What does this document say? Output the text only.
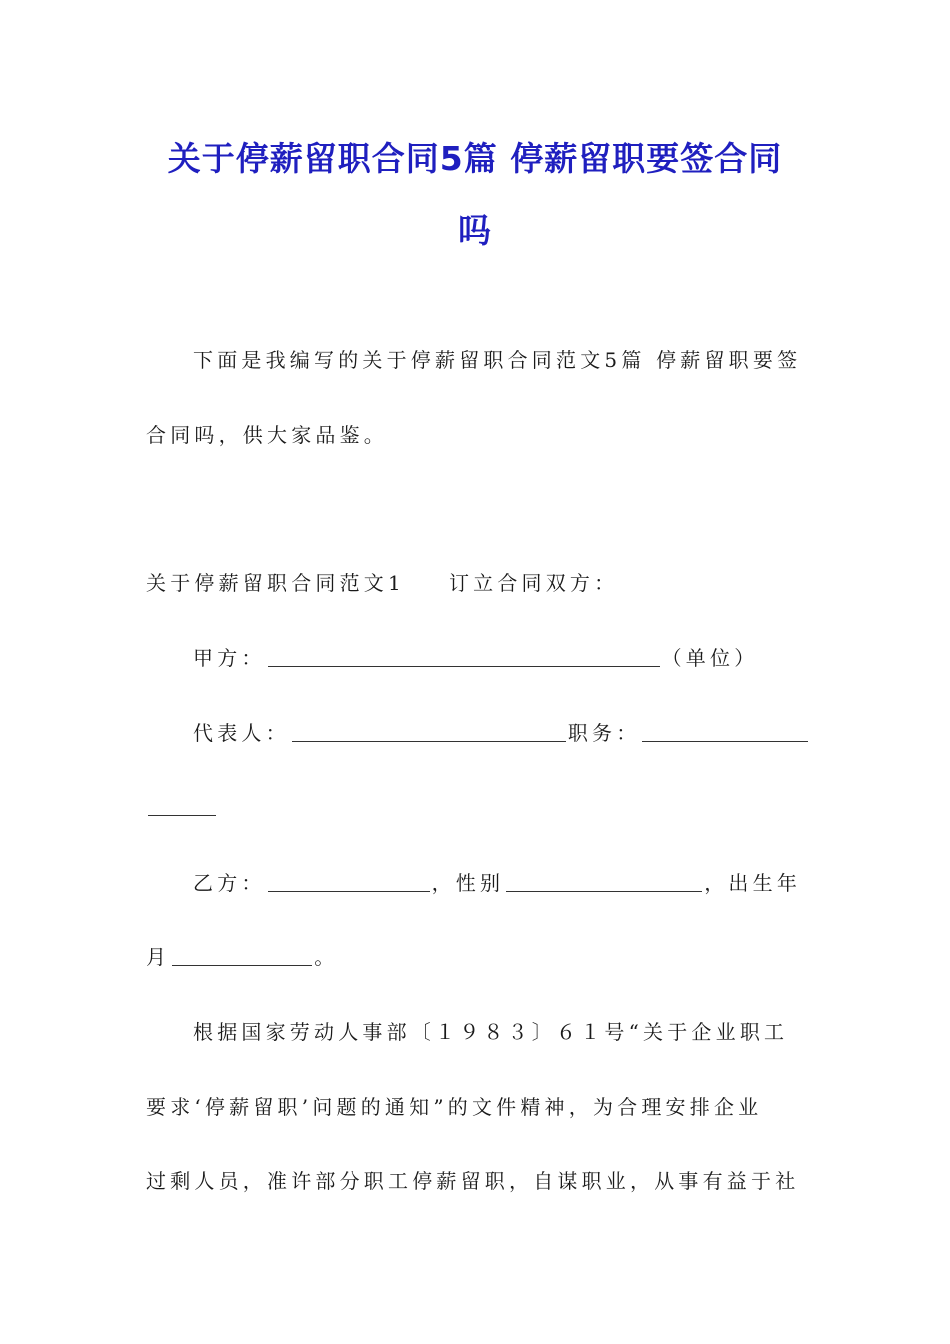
关于停薪留职合同5篇 停薪留职要签合同
吗
下面是我编写的关于停薪留职合同范文5篇 停薪留职要签
合同吗，供大家品鉴。
关于停薪留职合同范文1 订立合同双方：
甲方：	（单位）
代表人：	职务：
乙方：	，性别	，出生年
月	。
根据国家劳动人事部〔１９８３〕６１号“关于企业职工
要求‘停薪留职’问题的通知”的文件精神，为合理安排企业
过剩人员，准许部分职工停薪留职，自谋职业，从事有益于社
